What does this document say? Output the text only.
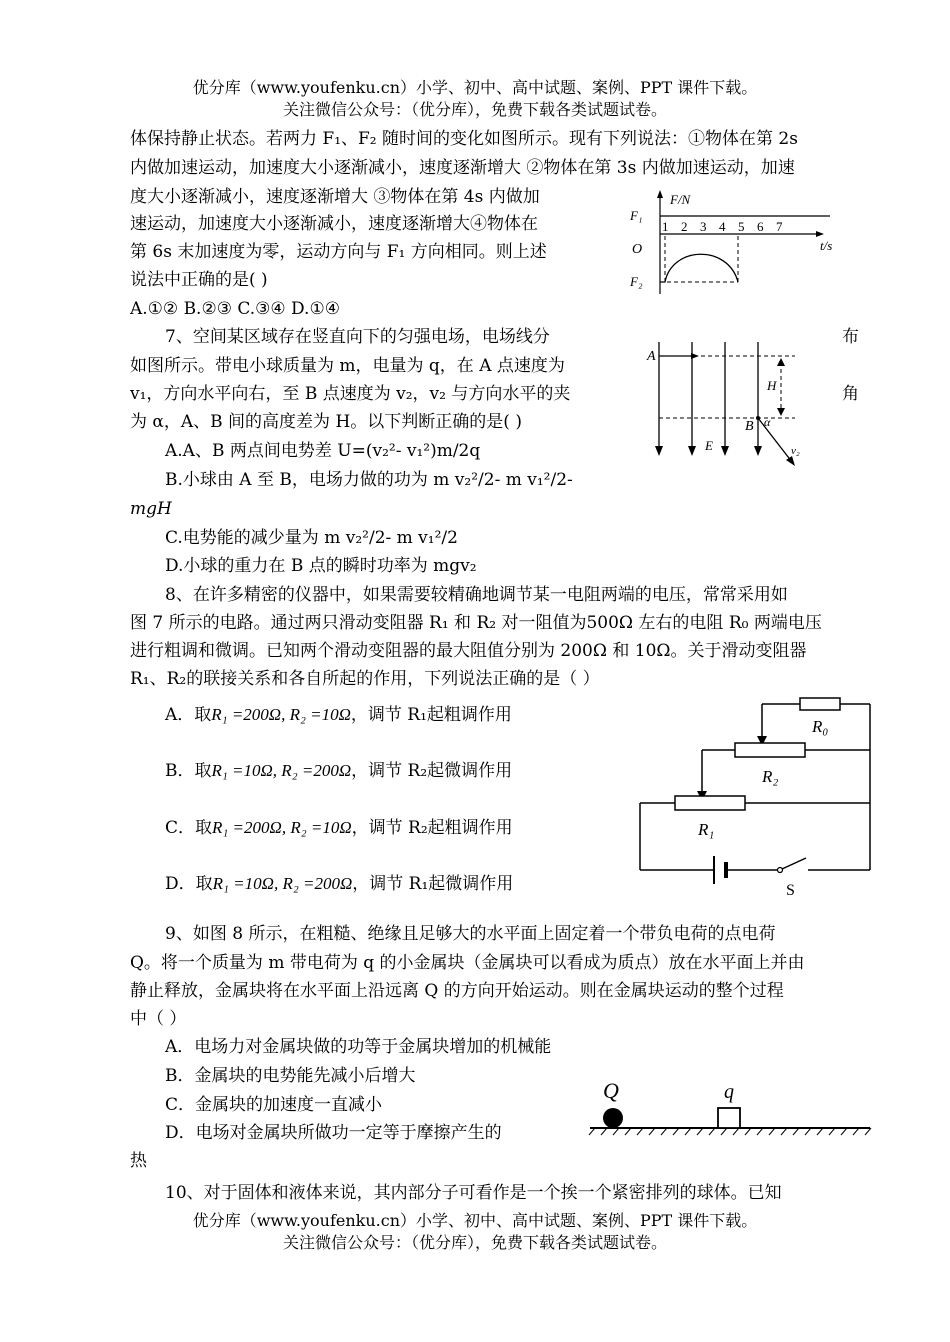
优分库（www.youfenku.cn）小学、初中、高中试题、案例、PPT 课件下载。
关注微信公众号：（优分库），免费下载各类试题试卷。
体保持静止状态。若两力 F₁、F₂ 随时间的变化如图所示。现有下列说法：①物体在第 2s
内做加速运动，加速度大小逐渐减小，速度逐渐增大 ②物体在第 3s 内做加速运动，加速
度大小逐渐减小，速度逐渐增大 ③物体在第 4s 内做加
速运动，加速度大小逐渐减小，速度逐渐增大④物体在
第 6s 末加速度为零，运动方向与 F₁ 方向相同。则上述
说法中正确的是( )
A.①② B.②③ C.③④ D.①④
F/N
t/s
F₁
F₂
O
1 2 3 4 5 6 7
7、空间某区域存在竖直向下的匀强电场，电场线分	布
如图所示。带电小球质量为 m，电量为 q，在 A 点速度为
v₁，方向水平向右，至 B 点速度为 v₂，v₂ 与方向水平的夹	角
为 α，A、B 间的高度差为 H。以下判断正确的是( )
A.A、B 两点间电势差 U=(v₂²- v₁²)m/2q
B.小球由 A 至 B，电场力做的功为 m v₂²/2- m v₁²/2-
mgH
C.电势能的减少量为 m v₂²/2- m v₁²/2
D.小球的重力在 B 点的瞬时功率为 mgv₂
A
B
H
E
α
v₂
8、在许多精密的仪器中，如果需要较精确地调节某一电阻两端的电压，常常采用如
图 7 所示的电路。通过两只滑动变阻器 R₁ 和 R₂ 对一阻值为500Ω 左右的电阻 R₀ 两端电压
进行粗调和微调。已知两个滑动变阻器的最大阻值分别为 200Ω 和 10Ω。关于滑动变阻器
R₁、R₂的联接关系和各自所起的作用，下列说法正确的是（ ）
A．取R₁ =200Ω, R₂ =10Ω，调节 R₁起粗调作用
B．取R₁ =10Ω, R₂ =200Ω，调节 R₂起微调作用
C．取R₁ =200Ω, R₂ =10Ω，调节 R₂起粗调作用
D．取R₁ =10Ω, R₂ =200Ω，调节 R₁起微调作用
R₀
R₂
R₁
S
9、如图 8 所示，在粗糙、绝缘且足够大的水平面上固定着一个带负电荷的点电荷
Q。将一个质量为 m 带电荷为 q 的小金属块（金属块可以看成为质点）放在水平面上并由
静止释放，金属块将在水平面上沿远离 Q 的方向开始运动。则在金属块运动的整个过程
中（ ）
A．电场力对金属块做的功等于金属块增加的机械能
B．金属块的电势能先减小后增大
C．金属块的加速度一直减小
D．电场对金属块所做功一定等于摩擦产生的
热
Q	q
10、对于固体和液体来说，其内部分子可看作是一个挨一个紧密排列的球体。已知
优分库（www.youfenku.cn）小学、初中、高中试题、案例、PPT 课件下载。
关注微信公众号：（优分库），免费下载各类试题试卷。
